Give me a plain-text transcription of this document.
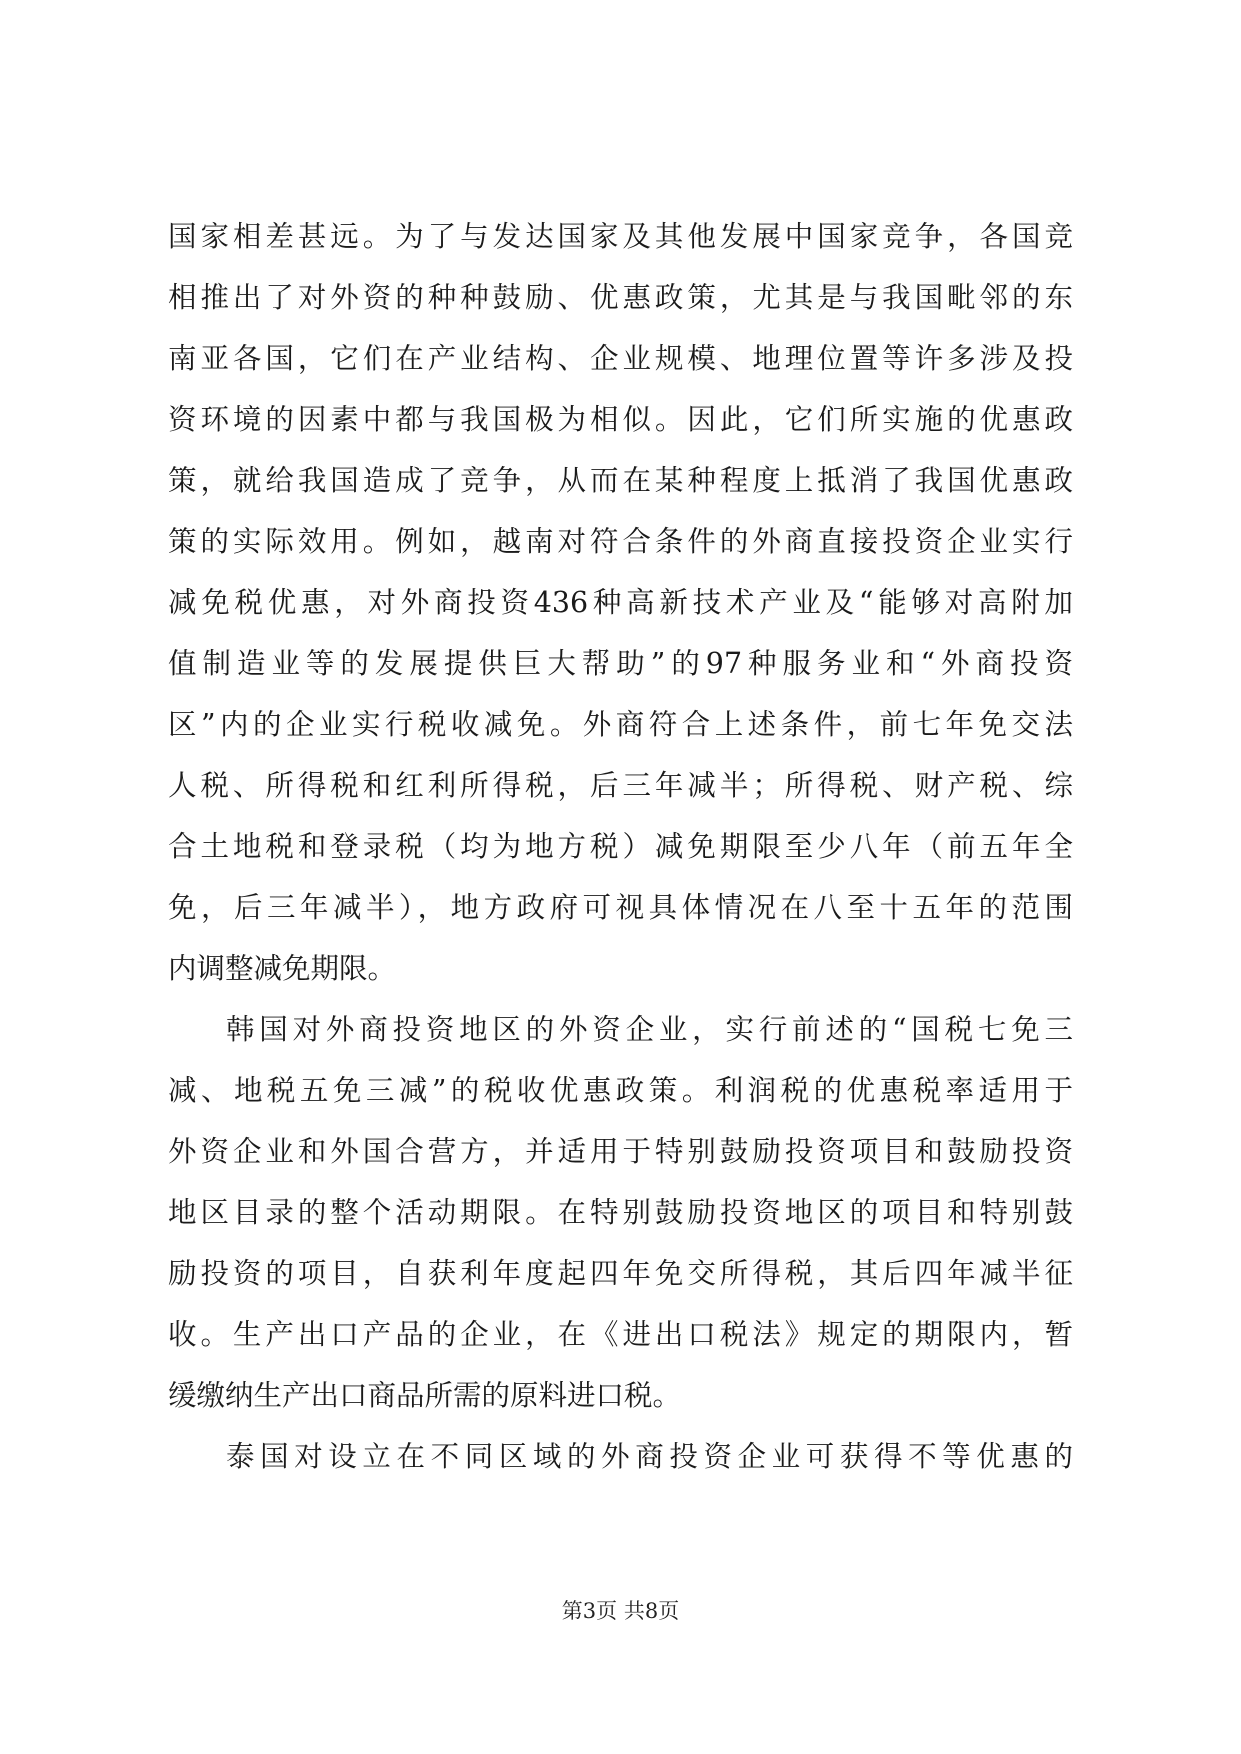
国家相差甚远。为了与发达国家及其他发展中国家竞争，各国竞
相推出了对外资的种种鼓励、优惠政策，尤其是与我国毗邻的东
南亚各国，它们在产业结构、企业规模、地理位置等许多涉及投
资环境的因素中都与我国极为相似。因此，它们所实施的优惠政
策，就给我国造成了竞争，从而在某种程度上抵消了我国优惠政
策的实际效用。例如，越南对符合条件的外商直接投资企业实行
减免税优惠，对外商投资436种高新技术产业及“能够对高附加
值制造业等的发展提供巨大帮助”的97种服务业和“外商投资
区”内的企业实行税收减免。外商符合上述条件，前七年免交法
人税、所得税和红利所得税，后三年减半；所得税、财产税、综
合土地税和登录税（均为地方税）减免期限至少八年（前五年全
免，后三年减半），地方政府可视具体情况在八至十五年的范围
内调整减免期限。
韩国对外商投资地区的外资企业，实行前述的“国税七免三
减、地税五免三减”的税收优惠政策。利润税的优惠税率适用于
外资企业和外国合营方，并适用于特别鼓励投资项目和鼓励投资
地区目录的整个活动期限。在特别鼓励投资地区的项目和特别鼓
励投资的项目，自获利年度起四年免交所得税，其后四年减半征
收。生产出口产品的企业，在《进出口税法》规定的期限内，暂
缓缴纳生产出口商品所需的原料进口税。
泰国对设立在不同区域的外商投资企业可获得不等优惠的
第3页 共8页
